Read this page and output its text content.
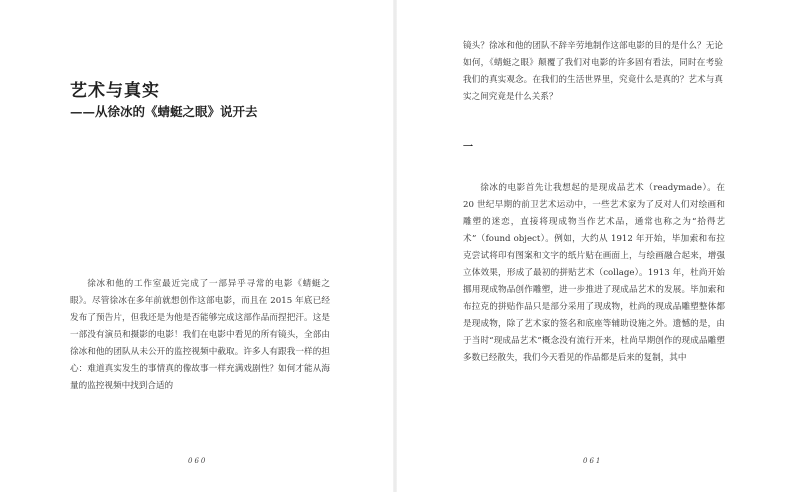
艺术与真实
——从徐冰的《蜻蜓之眼》说开去

徐冰和他的工作室最近完成了一部异乎寻常的电影《蜻蜓之眼》。尽管徐冰在多年前就想创作这部电影，而且在 2015 年底已经发布了预告片，但我还是为他是否能够完成这部作品而捏把汗。这是一部没有演员和摄影的电影！我们在电影中看见的所有镜头，全部由徐冰和他的团队从未公开的监控视频中截取。许多人有跟我一样的担心：难道真实发生的事情真的像故事一样充满戏剧性？如何才能从海量的监控视频中找到合适的

060

镜头？徐冰和他的团队不辞辛劳地制作这部电影的目的是什么？无论如何，《蜻蜓之眼》颠覆了我们对电影的许多固有看法，同时在考验我们的真实观念。在我们的生活世界里，究竟什么是真的？艺术与真实之间究竟是什么关系？

一

徐冰的电影首先让我想起的是现成品艺术（readymade）。在 20 世纪早期的前卫艺术运动中，一些艺术家为了反对人们对绘画和雕塑的迷恋，直接将现成物当作艺术品，通常也称之为“拾得艺术”（found object）。例如，大约从 1912 年开始，毕加索和布拉克尝试将印有图案和文字的纸片贴在画面上，与绘画融合起来，增强立体效果，形成了最初的拼贴艺术（collage）。1913 年，杜尚开始挪用现成物品创作雕塑，进一步推进了现成品艺术的发展。毕加索和布拉克的拼贴作品只是部分采用了现成物，杜尚的现成品雕塑整体都是现成物，除了艺术家的签名和底座等辅助设施之外。遗憾的是，由于当时“现成品艺术”概念没有流行开来，杜尚早期创作的现成品雕塑多数已经散失，我们今天看见的作品都是后来的复制，其中

061
